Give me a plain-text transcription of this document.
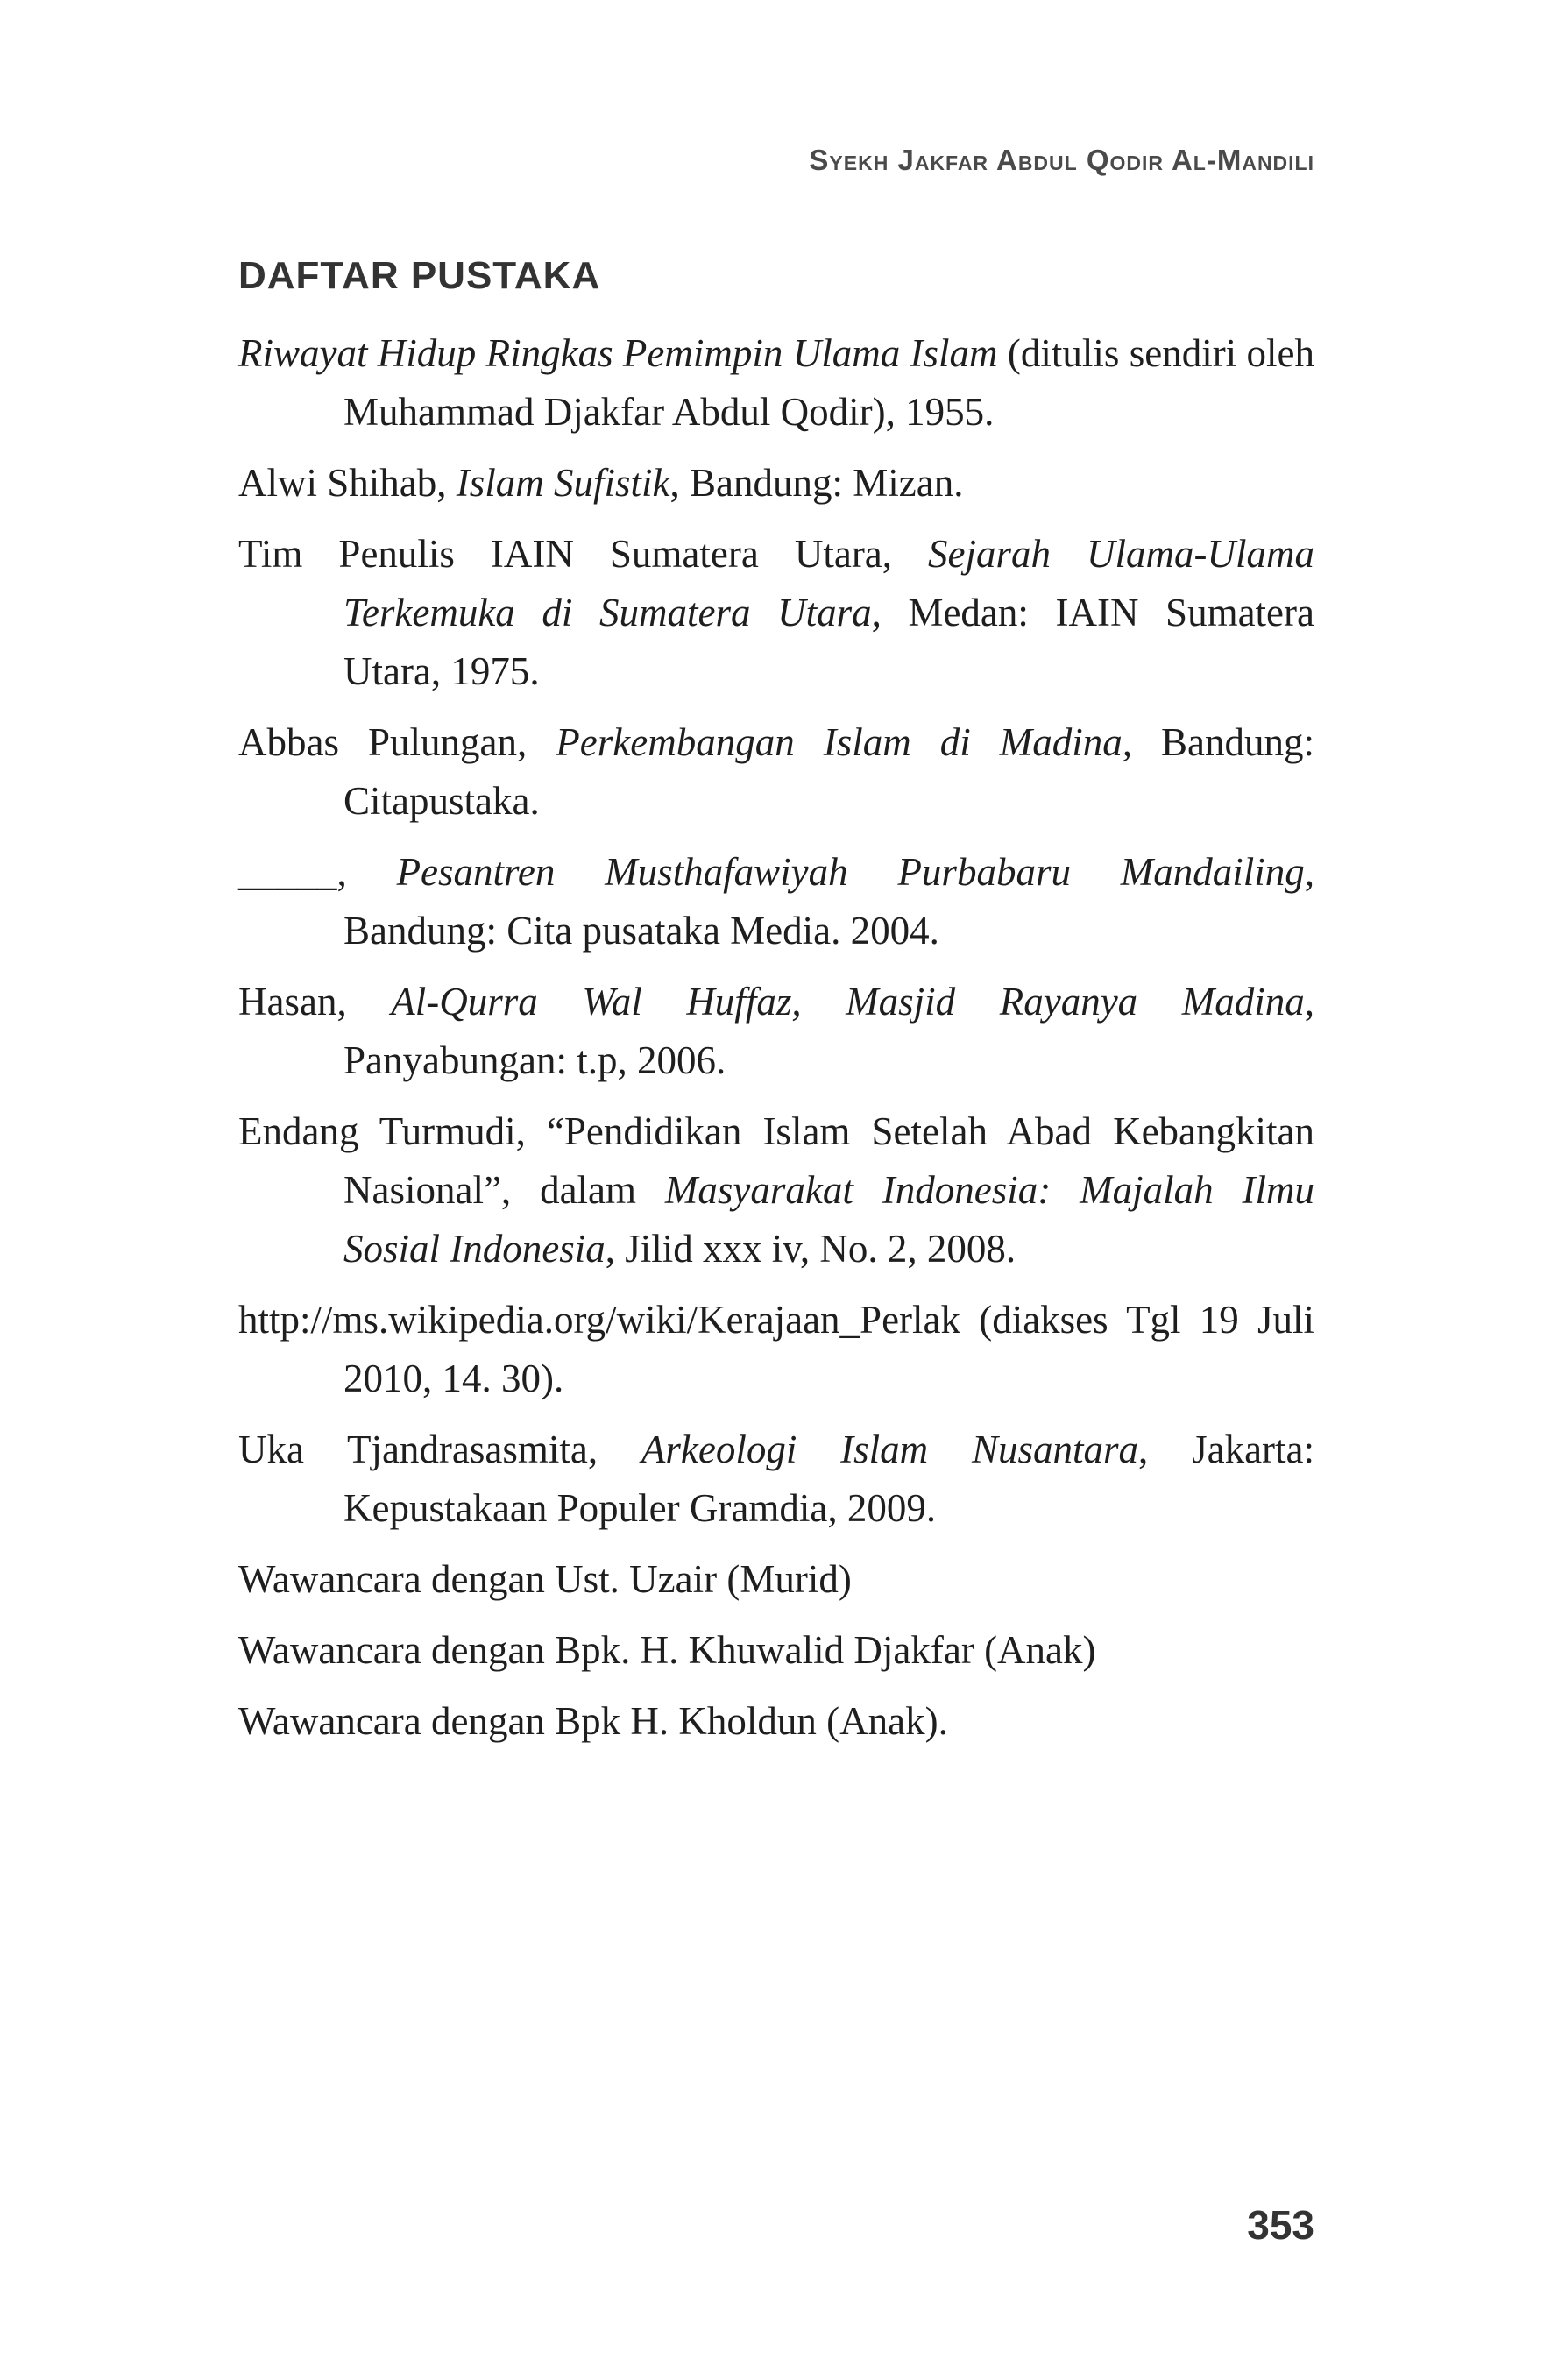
Syekh Jakfar Abdul Qodir Al-Mandili
DAFTAR PUSTAKA
Riwayat Hidup Ringkas Pemimpin Ulama Islam (ditulis sendiri oleh Muhammad Djakfar Abdul Qodir), 1955.
Alwi Shihab, Islam Sufistik, Bandung: Mizan.
Tim Penulis IAIN Sumatera Utara, Sejarah Ulama-Ulama Terkemuka di Sumatera Utara, Medan: IAIN Sumatera Utara, 1975.
Abbas Pulungan, Perkembangan Islam di Madina, Bandung: Citapustaka.
_____, Pesantren Musthafawiyah Purbabaru Mandailing, Bandung: Cita pusataka Media. 2004.
Hasan, Al-Qurra Wal Huffaz, Masjid Rayanya Madina, Panyabungan: t.p, 2006.
Endang Turmudi, “Pendidikan Islam Setelah Abad Kebangkitan Nasional”, dalam Masyarakat Indonesia: Majalah Ilmu Sosial Indonesia, Jilid xxx iv, No. 2, 2008.
http://ms.wikipedia.org/wiki/Kerajaan_Perlak (diakses Tgl 19 Juli 2010, 14. 30).
Uka Tjandrasasmita, Arkeologi Islam Nusantara, Jakarta: Kepustakaan Populer Gramdia, 2009.
Wawancara dengan Ust. Uzair (Murid)
Wawancara dengan Bpk. H. Khuwalid Djakfar (Anak)
Wawancara dengan Bpk H. Kholdun (Anak).
353
